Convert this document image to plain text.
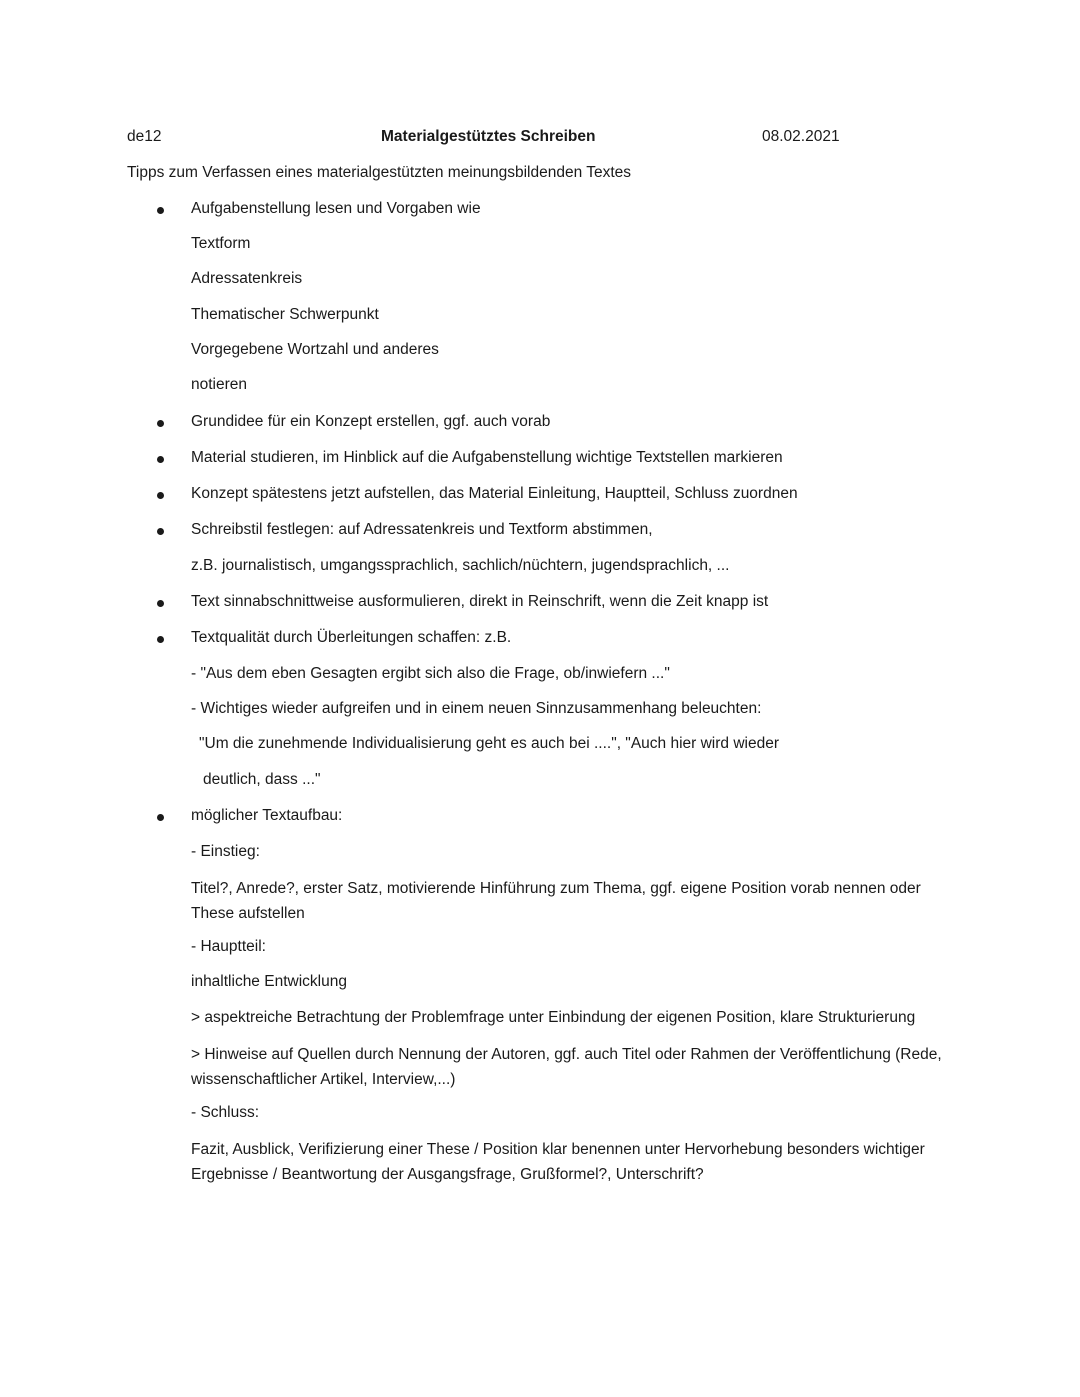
de12	Materialgestütztes Schreiben	08.02.2021
Tipps zum Verfassen eines materialgestützten meinungsbildenden Textes
Aufgabenstellung lesen und Vorgaben wie
Textform
Adressatenkreis
Thematischer Schwerpunkt
Vorgegebene Wortzahl und anderes
notieren
Grundidee für ein Konzept erstellen, ggf. auch vorab
Material studieren, im Hinblick auf die Aufgabenstellung wichtige Textstellen markieren
Konzept spätestens jetzt aufstellen, das Material Einleitung, Hauptteil, Schluss zuordnen
Schreibstil festlegen: auf Adressatenkreis und Textform abstimmen,
z.B. journalistisch, umgangssprachlich, sachlich/nüchtern, jugendsprachlich, ...
Text sinnabschnittweise ausformulieren, direkt in Reinschrift, wenn die Zeit knapp ist
Textqualität durch Überleitungen schaffen: z.B.
- "Aus dem eben Gesagten ergibt sich also die Frage, ob/inwiefern ..."
- Wichtiges wieder aufgreifen und in einem neuen Sinnzusammenhang beleuchten:
"Um die zunehmende Individualisierung geht es auch bei ....", "Auch hier wird wieder
deutlich, dass ..."
möglicher Textaufbau:
- Einstieg:
Titel?, Anrede?, erster Satz, motivierende Hinführung zum Thema, ggf. eigene Position vorab nennen oder These aufstellen
- Hauptteil:
inhaltliche Entwicklung
> aspektreiche Betrachtung der Problemfrage unter Einbindung der eigenen Position, klare Strukturierung
> Hinweise auf Quellen durch Nennung der Autoren, ggf. auch Titel oder Rahmen der Veröffentlichung (Rede, wissenschaftlicher Artikel, Interview,...)
- Schluss:
Fazit, Ausblick, Verifizierung einer These / Position klar benennen unter Hervorhebung besonders wichtiger Ergebnisse / Beantwortung der Ausgangsfrage, Grußformel?, Unterschrift?
